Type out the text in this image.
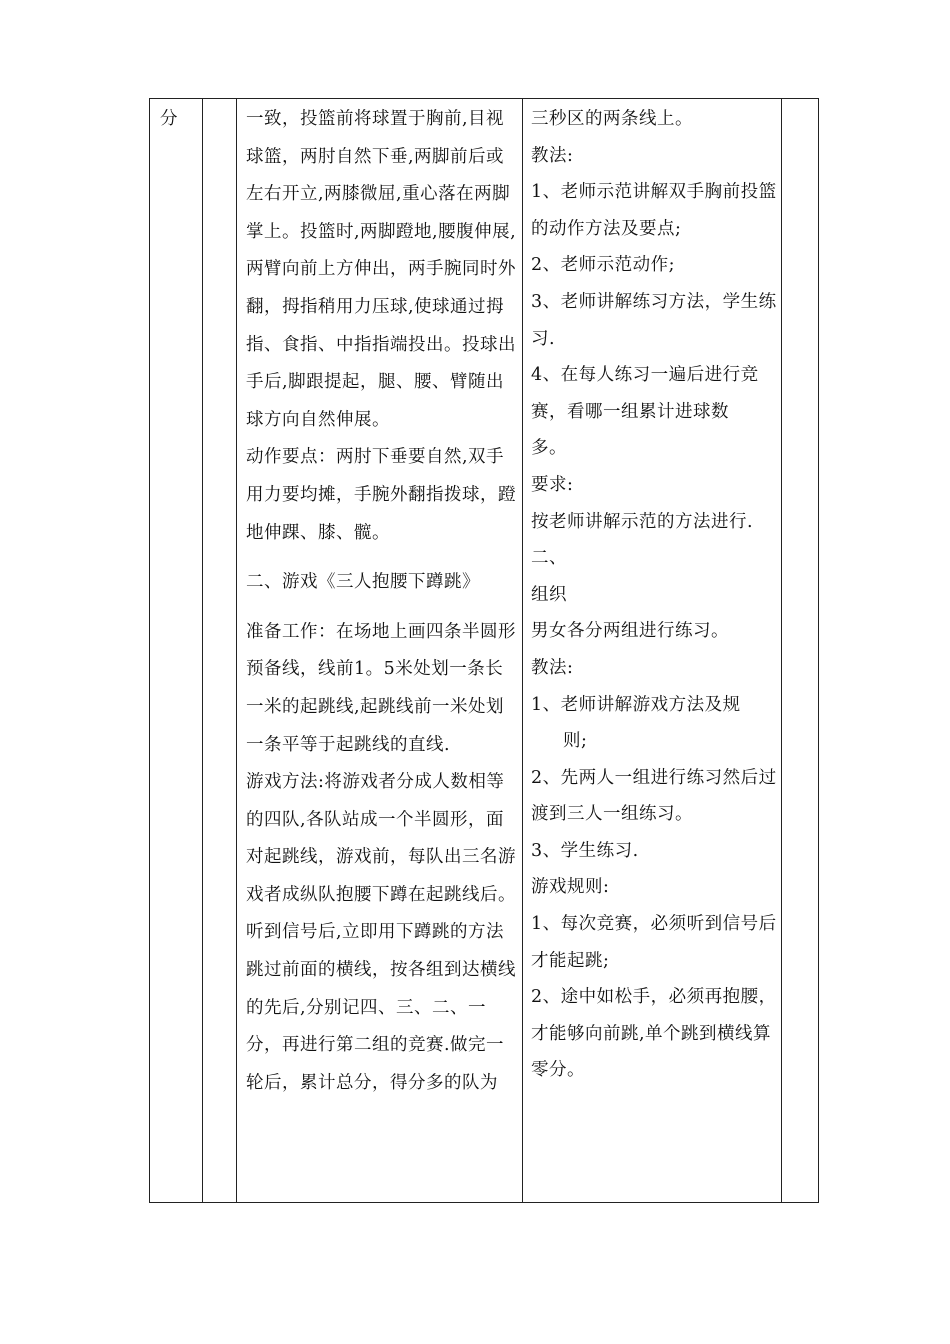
分	一致，投篮前将球置于胸前,目视球篮，两肘自然下垂,两脚前后或左右开立,两膝微屈,重心落在两脚掌上。投篮时,两脚蹬地,腰腹伸展,两臂向前上方伸出，两手腕同时外翻，拇指稍用力压球,使球通过拇指、食指、中指指端投出。投球出手后,脚跟提起，腿、腰、臂随出球方向自然伸展。

动作要点：两肘下垂要自然,双手用力要均摊，手腕外翻指拨球，蹬地伸踝、膝、髋。

二、游戏《三人抱腰下蹲跳》

准备工作：在场地上画四条半圆形预备线，线前1。5米处划一条长一米的起跳线,起跳线前一米处划一条平等于起跳线的直线.

游戏方法:将游戏者分成人数相等的四队,各队站成一个半圆形，面对起跳线，游戏前，每队出三名游戏者成纵队抱腰下蹲在起跳线后。听到信号后,立即用下蹲跳的方法跳过前面的横线，按各组到达横线的先后,分别记四、三、二、一分，再进行第二组的竞赛.做完一轮后，累计总分，得分多的队为

三秒区的两条线上。

教法:

1、老师示范讲解双手胸前投篮的动作方法及要点;

2、老师示范动作;

3、老师讲解练习方法，学生练习.

4、在每人练习一遍后进行竞赛，看哪一组累计进球数

多。

要求:

按老师讲解示范的方法进行.

二、

组织

男女各分两组进行练习。

教法:

1、老师讲解游戏方法及规

则;

2、先两人一组进行练习然后过渡到三人一组练习。

3、学生练习.

游戏规则:

1、每次竞赛，必须听到信号后才能起跳;

2、途中如松手，必须再抱腰，才能够向前跳,单个跳到横线算零分。
